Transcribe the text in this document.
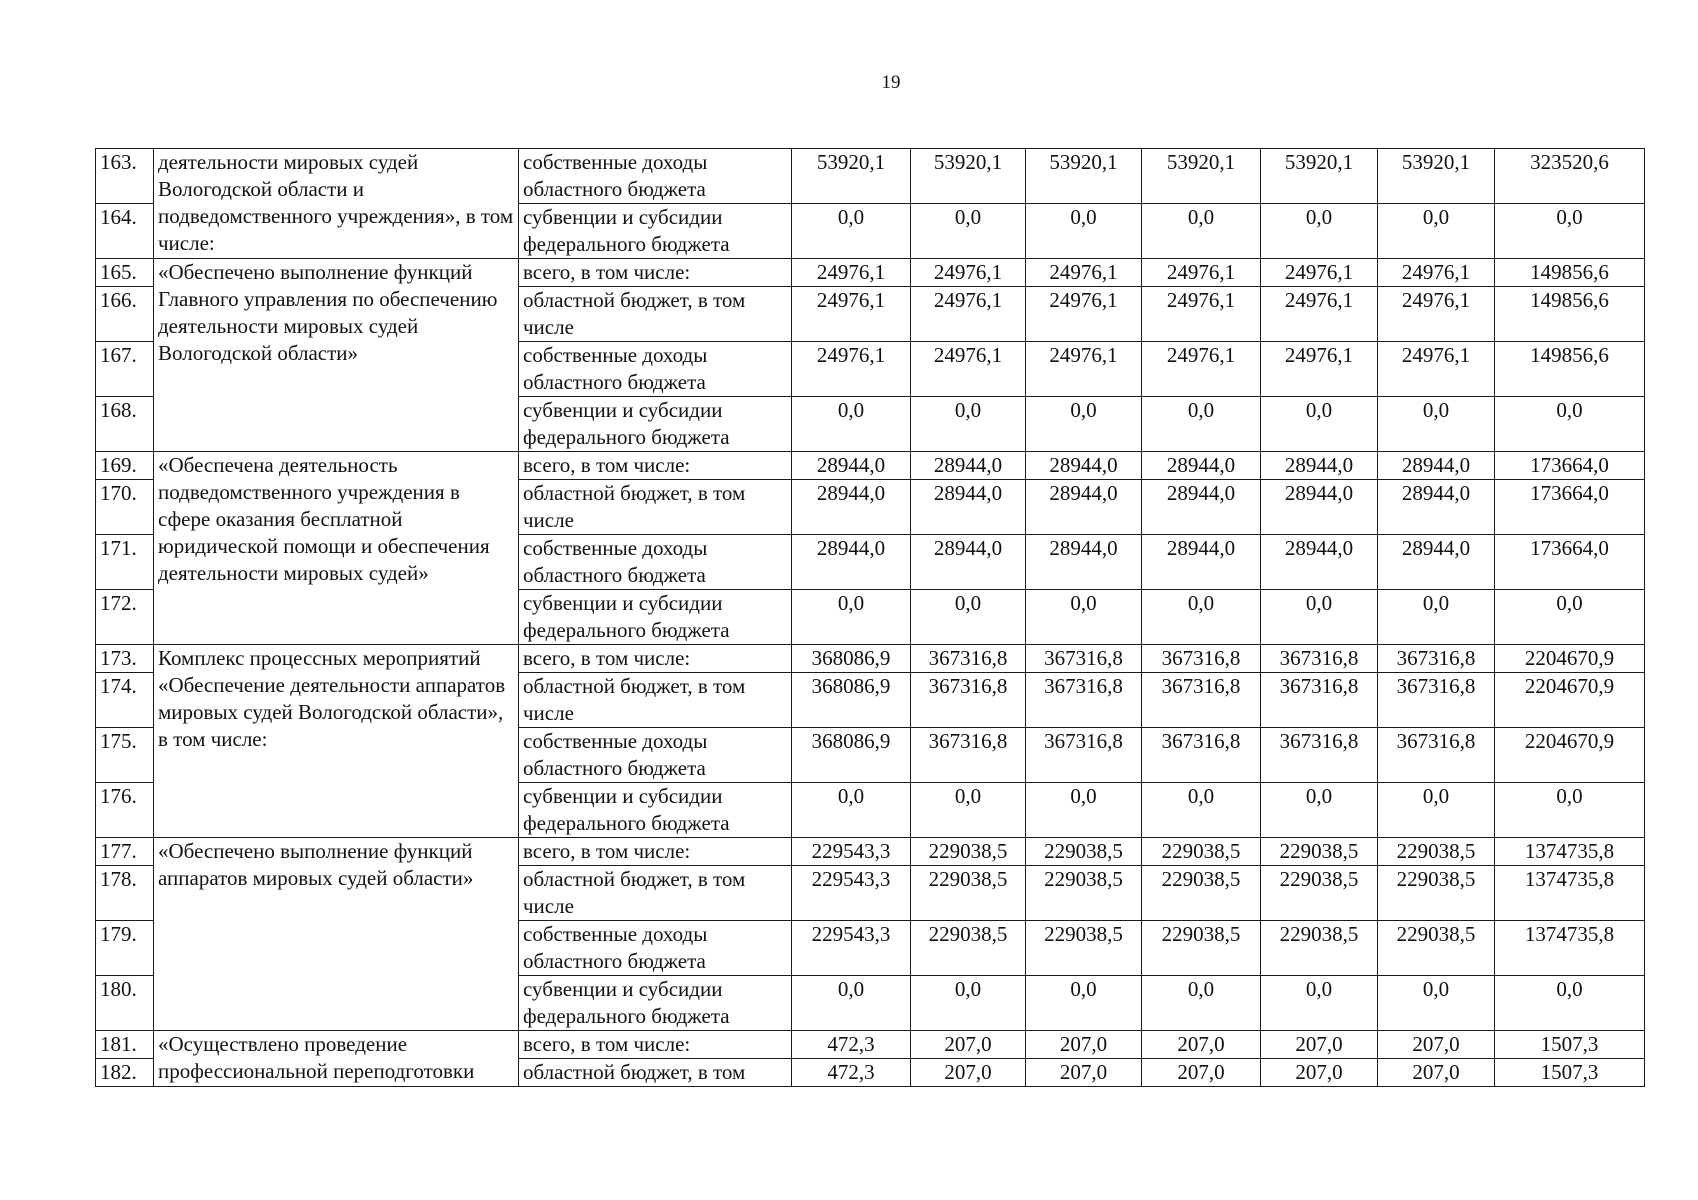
19
163.	деятельности мировых судей Вологодской области и подведомственного учреждения», в том числе:	собственные доходы областного бюджета	53920,1	53920,1	53920,1	53920,1	53920,1	53920,1	323520,6
164.		субвенции и субсидии федерального бюджета	0,0	0,0	0,0	0,0	0,0	0,0	0,0
165.	«Обеспечено выполнение функций Главного управления по обеспечению деятельности мировых судей Вологодской области»	всего, в том числе:	24976,1	24976,1	24976,1	24976,1	24976,1	24976,1	149856,6
166.		областной бюджет, в том числе	24976,1	24976,1	24976,1	24976,1	24976,1	24976,1	149856,6
167.		собственные доходы областного бюджета	24976,1	24976,1	24976,1	24976,1	24976,1	24976,1	149856,6
168.		субвенции и субсидии федерального бюджета	0,0	0,0	0,0	0,0	0,0	0,0	0,0
169.	«Обеспечена деятельность подведомственного учреждения в сфере оказания бесплатной юридической помощи и обеспечения деятельности мировых судей»	всего, в том числе:	28944,0	28944,0	28944,0	28944,0	28944,0	28944,0	173664,0
170.		областной бюджет, в том числе	28944,0	28944,0	28944,0	28944,0	28944,0	28944,0	173664,0
171.		собственные доходы областного бюджета	28944,0	28944,0	28944,0	28944,0	28944,0	28944,0	173664,0
172.		субвенции и субсидии федерального бюджета	0,0	0,0	0,0	0,0	0,0	0,0	0,0
173.	Комплекс процессных мероприятий «Обеспечение деятельности аппаратов мировых судей Вологодской области», в том числе:	всего, в том числе:	368086,9	367316,8	367316,8	367316,8	367316,8	367316,8	2204670,9
174.		областной бюджет, в том числе	368086,9	367316,8	367316,8	367316,8	367316,8	367316,8	2204670,9
175.		собственные доходы областного бюджета	368086,9	367316,8	367316,8	367316,8	367316,8	367316,8	2204670,9
176.		субвенции и субсидии федерального бюджета	0,0	0,0	0,0	0,0	0,0	0,0	0,0
177.	«Обеспечено выполнение функций аппаратов мировых судей области»	всего, в том числе:	229543,3	229038,5	229038,5	229038,5	229038,5	229038,5	1374735,8
178.		областной бюджет, в том числе	229543,3	229038,5	229038,5	229038,5	229038,5	229038,5	1374735,8
179.		собственные доходы областного бюджета	229543,3	229038,5	229038,5	229038,5	229038,5	229038,5	1374735,8
180.		субвенции и субсидии федерального бюджета	0,0	0,0	0,0	0,0	0,0	0,0	0,0
181.	«Осуществлено проведение профессиональной переподготовки	всего, в том числе:	472,3	207,0	207,0	207,0	207,0	207,0	1507,3
182.		областной бюджет, в том	472,3	207,0	207,0	207,0	207,0	207,0	1507,3
